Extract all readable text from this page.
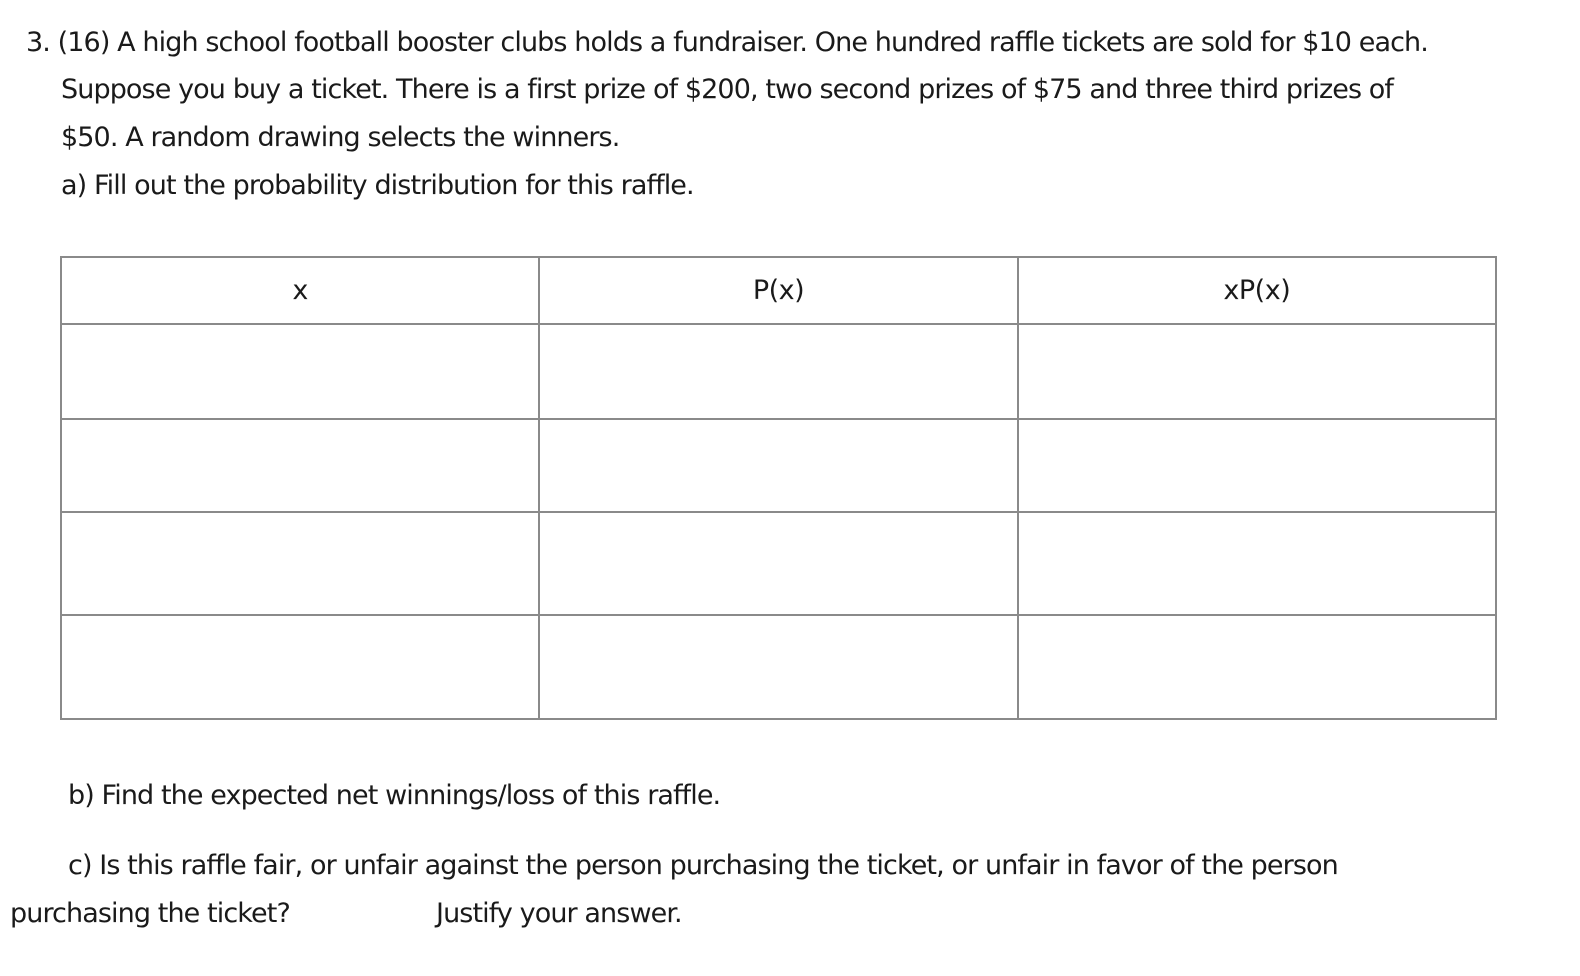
3. (16) A high school football booster clubs holds a fundraiser. One hundred raffle tickets are sold for $10 each.
Suppose you buy a ticket. There is a first prize of $200, two second prizes of $75 and three third prizes of
$50. A random drawing selects the winners.
a) Fill out the probability distribution for this raffle.
x	P(x)	xP(x)

b) Find the expected net winnings/loss of this raffle.
c) Is this raffle fair, or unfair against the person purchasing the ticket, or unfair in favor of the person
purchasing the ticket?	Justify your answer.
